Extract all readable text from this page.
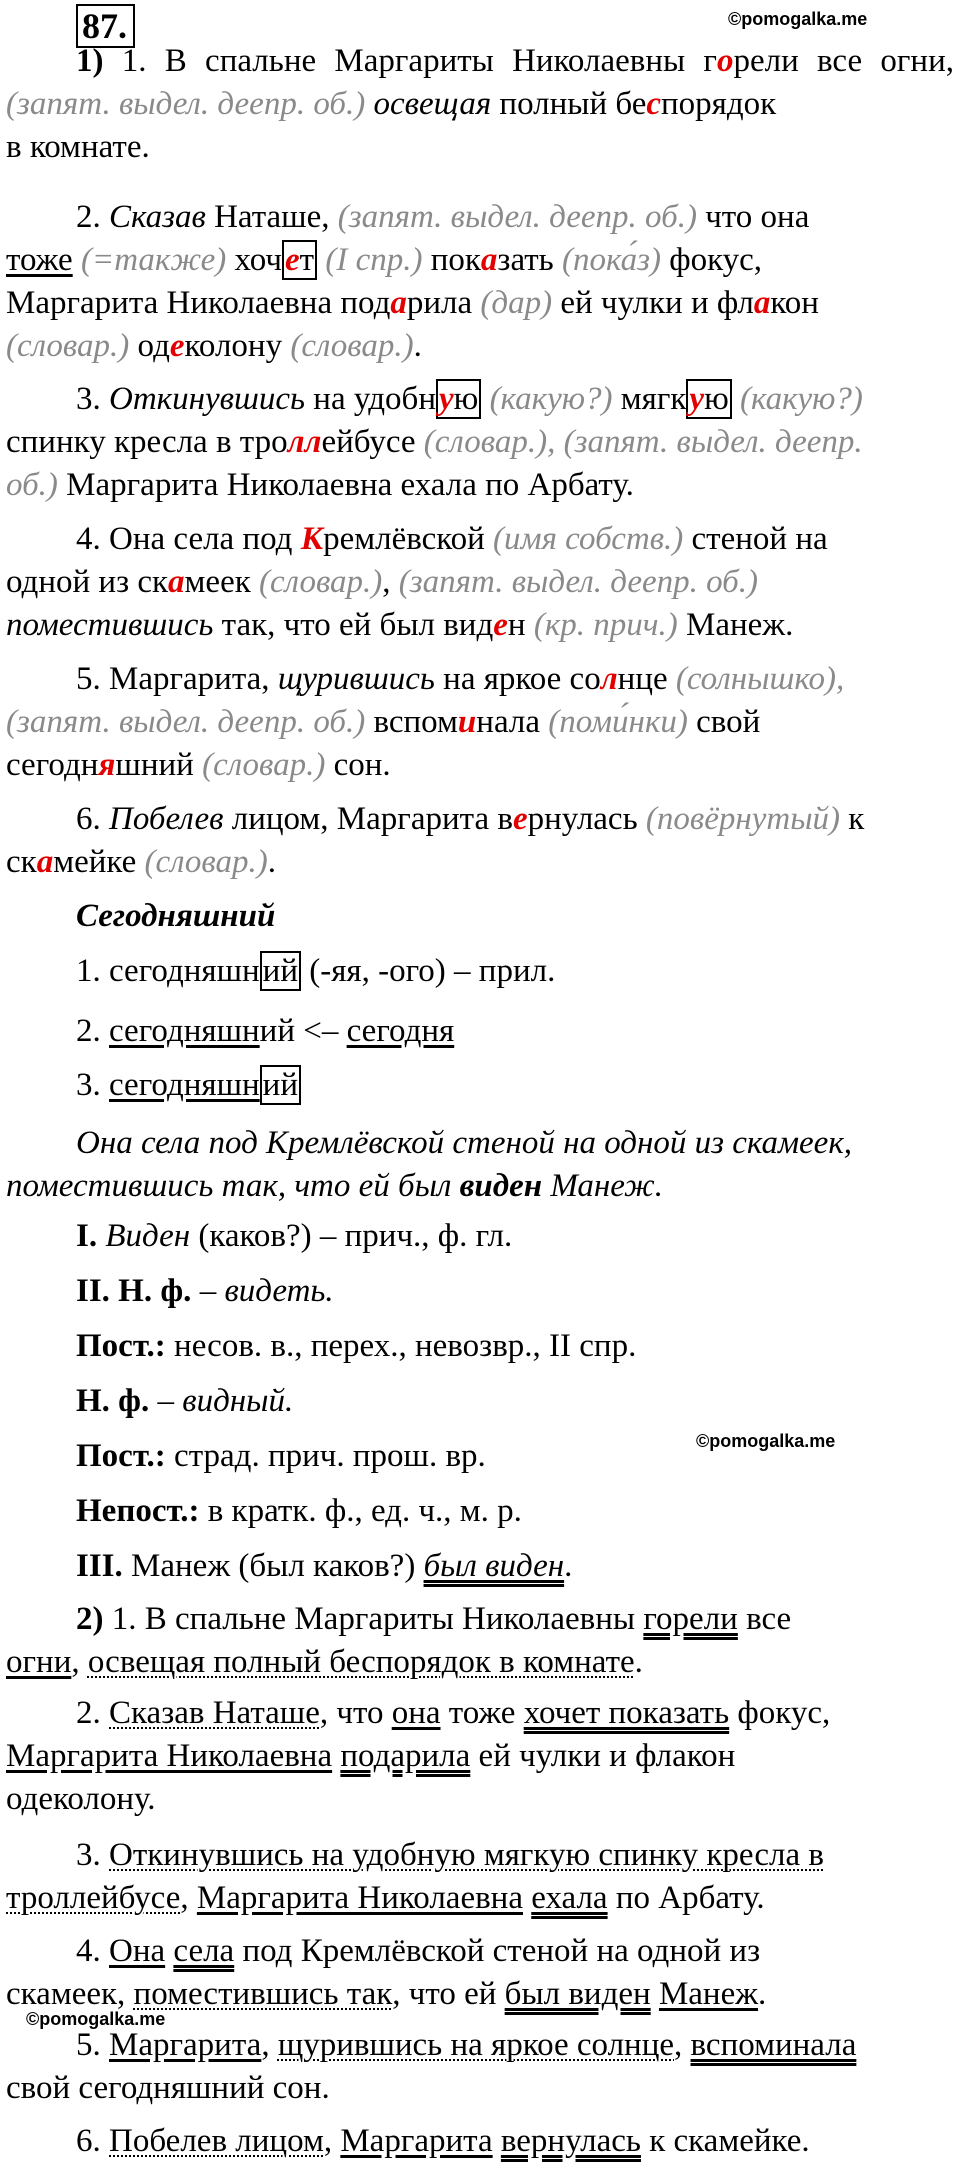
87.	©pomogalka.me

1) 1. В спальне Маргариты Николаевны горели все огни, (запят. выдел. деепр. об.) освещая полный беспорядок
в комнате.

2. Сказав Наташе, (запят. выдел. деепр. об.) что она
тоже (=также) хочет (I спр.) показать (пока́з) фокус,
Маргарита Николаевна подарила (дар) ей чулки и флакон
(словар.) одеколону (словар.).

3. Откинувшись на удобную (какую?) мягкую (какую?)
спинку кресла в троллейбусе (словар.), (запят. выдел. деепр.
об.) Маргарита Николаевна ехала по Арбату.

4. Она села под Кремлёвской (имя собств.) стеной на
одной из скамеек (словар.), (запят. выдел. деепр. об.)
поместившись так, что ей был виден (кр. прич.) Манеж.

5. Маргарита, щурившись на яркое солнце (солнышко),
(запят. выдел. деепр. об.) вспоминала (поми́нки) свой
сегодняшний (словар.) сон.

6. Побелев лицом, Маргарита вернулась (повёрнутый) к
скамейке (словар.).

Сегодняшний

1. сегодняшний (-яя, -ого) – прил.

2. сегодняшний <– сегодня

3. сегодняшний

Она села под Кремлёвской стеной на одной из скамеек,
поместившись так, что ей был виден Манеж.

I. Виден (каков?) – прич., ф. гл.

II. Н. ф. – видеть.

Пост.: несов. в., перех., невозвр., II спр.

Н. ф. – видный.

©pomogalka.me

Пост.: страд. прич. прош. вр.

Непост.: в кратк. ф., ед. ч., м. р.

III. Манеж (был каков?) был виден.

2) 1. В спальне Маргариты Николаевны горели все
огни, освещая полный беспорядок в комнате.

2. Сказав Наташе, что она тоже хочет показать фокус,
Маргарита Николаевна подарила ей чулки и флакон
одеколону.

3. Откинувшись на удобную мягкую спинку кресла в
троллейбусе, Маргарита Николаевна ехала по Арбату.

4. Она села под Кремлёвской стеной на одной из
скамеек, поместившись так, что ей был виден Манеж.

©pomogalka.me

5. Маргарита, щурившись на яркое солнце, вспоминала
свой сегодняшний сон.

6. Побелев лицом, Маргарита вернулась к скамейке.
